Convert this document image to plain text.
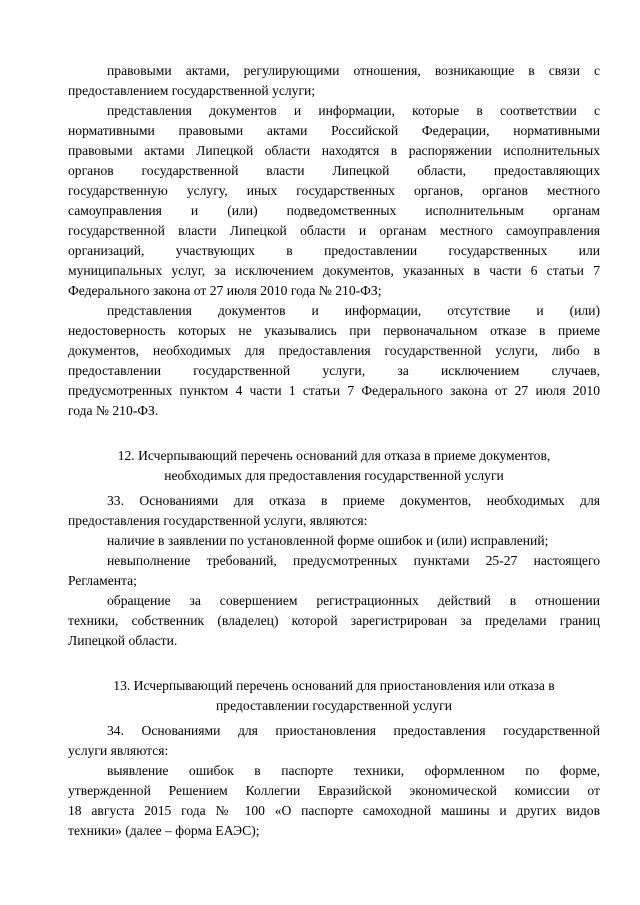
правовыми актами, регулирующими отношения, возникающие в связи с
предоставлением государственной услуги;
представления документов и информации, которые в соответствии с
нормативными правовыми актами Российской Федерации, нормативными
правовыми актами Липецкой области находятся в распоряжении исполнительных
органов государственной власти Липецкой области, предоставляющих
государственную услугу, иных государственных органов, органов местного
самоуправления и (или) подведомственных исполнительным органам
государственной власти Липецкой области и органам местного самоуправления
организаций, участвующих в предоставлении государственных или
муниципальных услуг, за исключением документов, указанных в части 6 статьи 7
Федерального закона от 27 июля 2010 года № 210-ФЗ;
представления документов и информации, отсутствие и (или)
недостоверность которых не указывались при первоначальном отказе в приеме
документов, необходимых для предоставления государственной услуги, либо в
предоставлении государственной услуги, за исключением случаев,
предусмотренных пунктом 4 части 1 статьи 7 Федерального закона от 27 июля 2010
года № 210-ФЗ.
12. Исчерпывающий перечень оснований для отказа в приеме документов,
необходимых для предоставления государственной услуги
33. Основаниями для отказа в приеме документов, необходимых для
предоставления государственной услуги, являются:
наличие в заявлении по установленной форме ошибок и (или) исправлений;
невыполнение требований, предусмотренных пунктами 25-27 настоящего
Регламента;
обращение за совершением регистрационных действий в отношении
техники, собственник (владелец) которой зарегистрирован за пределами границ
Липецкой области.
13. Исчерпывающий перечень оснований для приостановления или отказа в
предоставлении государственной услуги
34. Основаниями для приостановления предоставления государственной
услуги являются:
выявление ошибок в паспорте техники, оформленном по форме,
утвержденной Решением Коллегии Евразийской экономической комиссии от
18 августа 2015 года № 100 «О паспорте самоходной машины и других видов
техники» (далее – форма ЕАЭС);
